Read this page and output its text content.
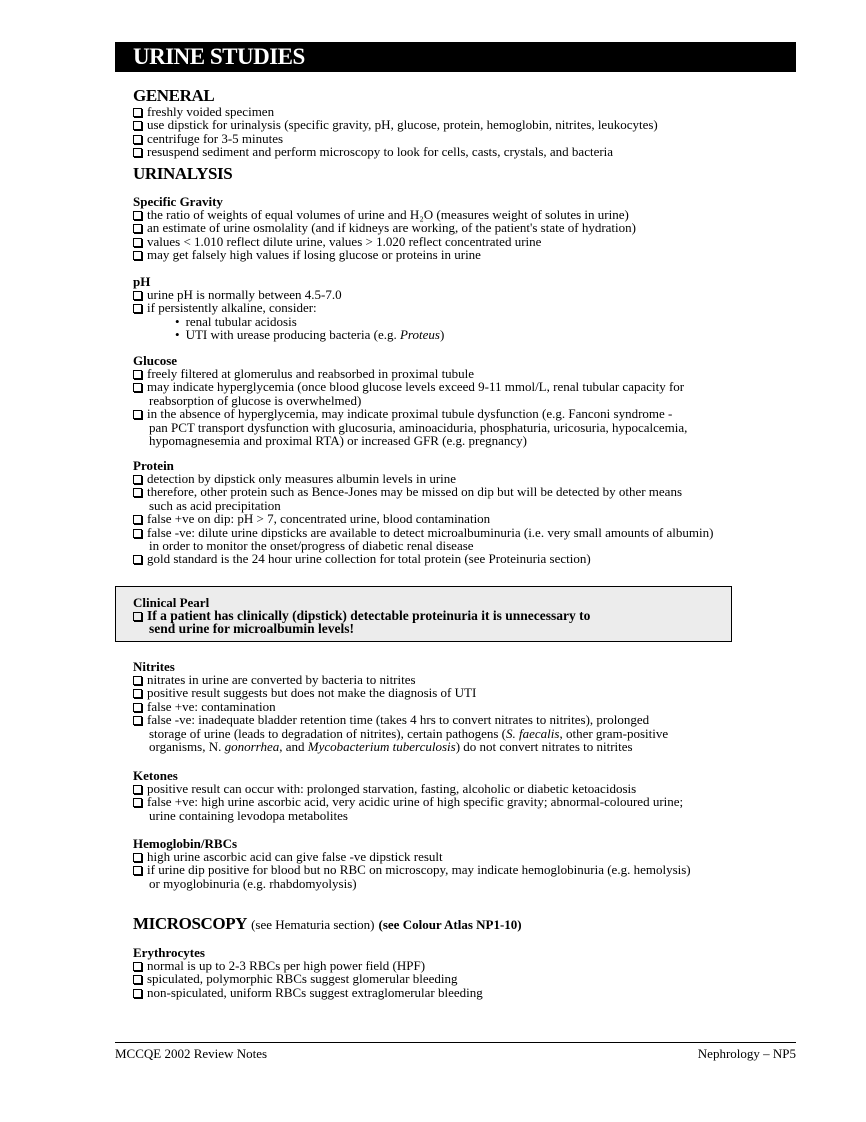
URINE STUDIES
GENERAL
freshly voided specimen
use dipstick for urinalysis (specific gravity, pH, glucose, protein, hemoglobin, nitrites, leukocytes)
centrifuge for 3-5 minutes
resuspend sediment and perform microscopy to look for cells, casts, crystals, and bacteria
URINALYSIS
Specific Gravity
the ratio of weights of equal volumes of urine and H₂O (measures weight of solutes in urine)
an estimate of urine osmolality (and if kidneys are working, of the patient's state of hydration)
values < 1.010 reflect dilute urine, values > 1.020 reflect concentrated urine
may get falsely high values if losing glucose or proteins in urine
pH
urine pH is normally between 4.5-7.0
if persistently alkaline, consider:
• renal tubular acidosis
• UTI with urease producing bacteria (e.g. Proteus)
Glucose
freely filtered at glomerulus and reabsorbed in proximal tubule
may indicate hyperglycemia (once blood glucose levels exceed 9-11 mmol/L, renal tubular capacity for
reabsorption of glucose is overwhelmed)
in the absence of hyperglycemia, may indicate proximal tubule dysfunction (e.g. Fanconi syndrome -
pan PCT transport dysfunction with glucosuria, aminoaciduria, phosphaturia, uricosuria, hypocalcemia,
hypomagnesemia and proximal RTA) or increased GFR (e.g. pregnancy)
Protein
detection by dipstick only measures albumin levels in urine
therefore, other protein such as Bence-Jones may be missed on dip but will be detected by other means
such as acid precipitation
false +ve on dip: pH > 7, concentrated urine, blood contamination
false -ve: dilute urine dipsticks are available to detect microalbuminuria (i.e. very small amounts of albumin)
in order to monitor the onset/progress of diabetic renal disease
gold standard is the 24 hour urine collection for total protein (see Proteinuria section)
Nitrites
nitrates in urine are converted by bacteria to nitrites
positive result suggests but does not make the diagnosis of UTI
false +ve: contamination
false -ve: inadequate bladder retention time (takes 4 hrs to convert nitrates to nitrites), prolonged
storage of urine (leads to degradation of nitrites), certain pathogens (S. faecalis, other gram-positive
organisms, N. gonorrhea, and Mycobacterium tuberculosis) do not convert nitrates to nitrites
Ketones
positive result can occur with: prolonged starvation, fasting, alcoholic or diabetic ketoacidosis
false +ve: high urine ascorbic acid, very acidic urine of high specific gravity; abnormal-coloured urine;
urine containing levodopa metabolites
Hemoglobin/RBCs
high urine ascorbic acid can give false -ve dipstick result
if urine dip positive for blood but no RBC on microscopy, may indicate hemoglobinuria (e.g. hemolysis)
or myoglobinuria (e.g. rhabdomyolysis)
MICROSCOPY (see Hematuria section) (see Colour Atlas NP1-10)
Erythrocytes
normal is up to 2-3 RBCs per high power field (HPF)
spiculated, polymorphic RBCs suggest glomerular bleeding
non-spiculated, uniform RBCs suggest extraglomerular bleeding
Clinical Pearl
If a patient has clinically (dipstick) detectable proteinuria it is unnecessary to
send urine for microalbumin levels!
MCCQE 2002 Review Notes	Nephrology – NP5
